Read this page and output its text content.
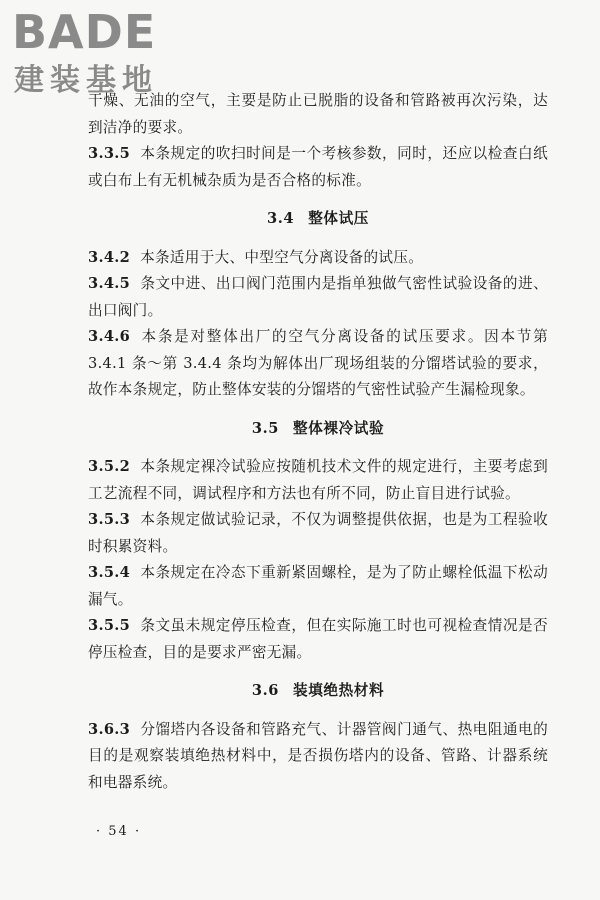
BADE
建装基地

干燥、无油的空气，主要是防止已脱脂的设备和管路被再次污染，达到洁净的要求。

3.3.5 本条规定的吹扫时间是一个考核参数，同时，还应以检查白纸或白布上有无机械杂质为是否合格的标准。

3.4 整体试压

3.4.2 本条适用于大、中型空气分离设备的试压。

3.4.5 条文中进、出口阀门范围内是指单独做气密性试验设备的进、出口阀门。

3.4.6 本条是对整体出厂的空气分离设备的试压要求。因本节第 3.4.1 条～第 3.4.4 条均为解体出厂现场组装的分馏塔试验的要求，故作本条规定，防止整体安装的分馏塔的气密性试验产生漏检现象。

3.5 整体裸冷试验

3.5.2 本条规定裸冷试验应按随机技术文件的规定进行，主要考虑到工艺流程不同，调试程序和方法也有所不同，防止盲目进行试验。

3.5.3 本条规定做试验记录，不仅为调整提供依据，也是为工程验收时积累资料。

3.5.4 本条规定在冷态下重新紧固螺栓，是为了防止螺栓低温下松动漏气。

3.5.5 条文虽未规定停压检查，但在实际施工时也可视检查情况是否停压检查，目的是要求严密无漏。

3.6 装填绝热材料

3.6.3 分馏塔内各设备和管路充气、计器管阀门通气、热电阻通电的目的是观察装填绝热材料中，是否损伤塔内的设备、管路、计器系统和电器系统。

· 54 ·
